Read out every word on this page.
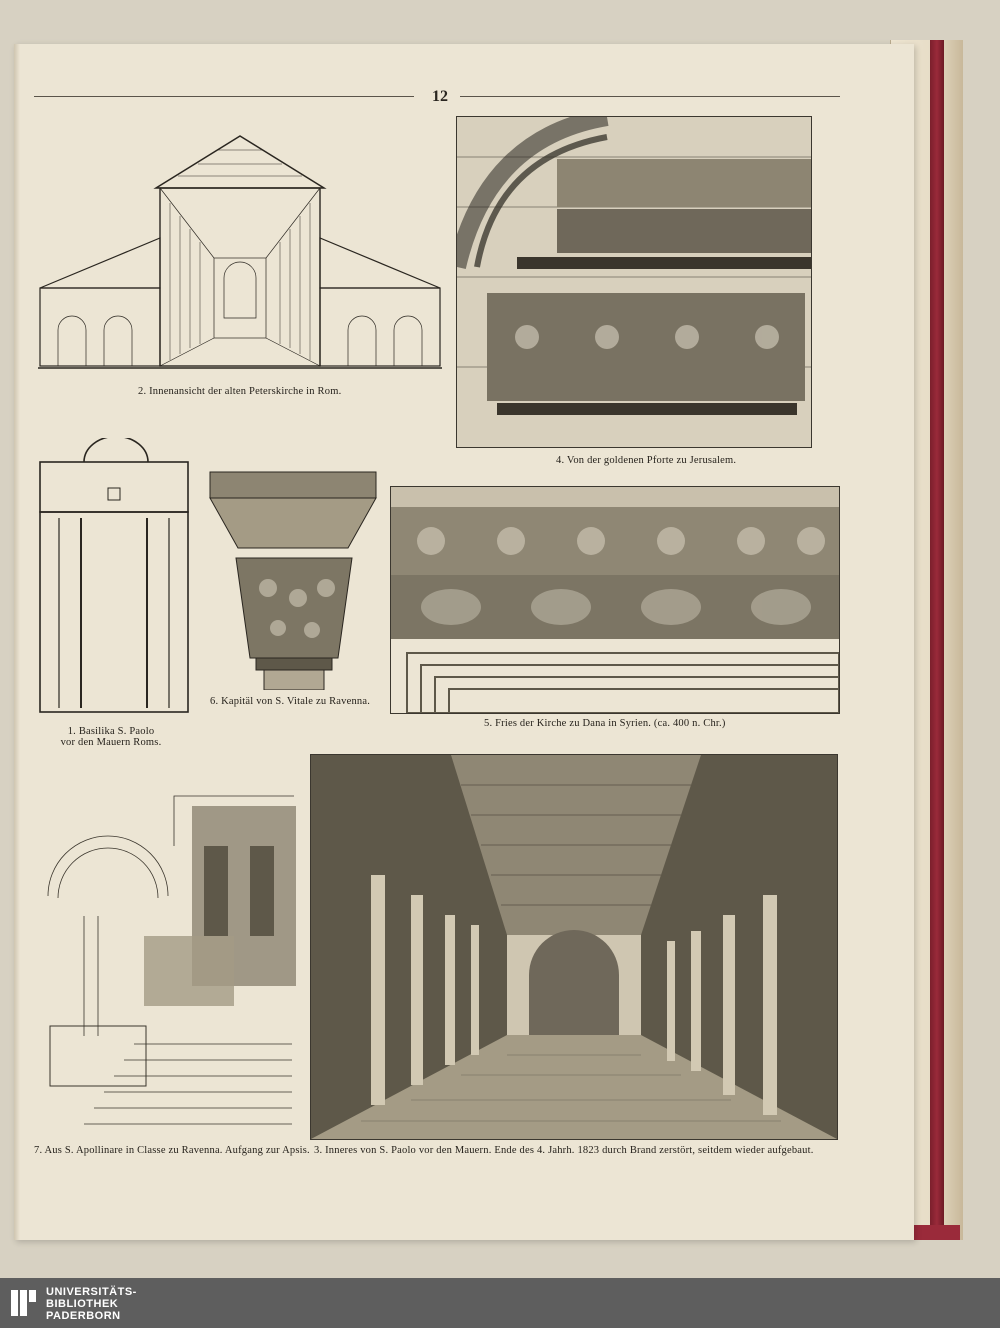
12
2. Innenansicht der alten Peterskirche in Rom.
4. Von der goldenen Pforte zu Jerusalem.
1. Basilika S. Paolo
vor den Mauern Roms.
6. Kapitäl von S. Vitale zu Ravenna.
5. Fries der Kirche zu Dana in Syrien. (ca. 400 n. Chr.)
7. Aus S. Apollinare in Classe zu Ravenna. Aufgang zur Apsis. 3. Inneres von S. Paolo vor den Mauern. Ende des 4. Jahrh. 1823 durch Brand zerstört, seitdem wieder aufgebaut.
UNIVERSITÄTS-
BIBLIOTHEK
PADERBORN
